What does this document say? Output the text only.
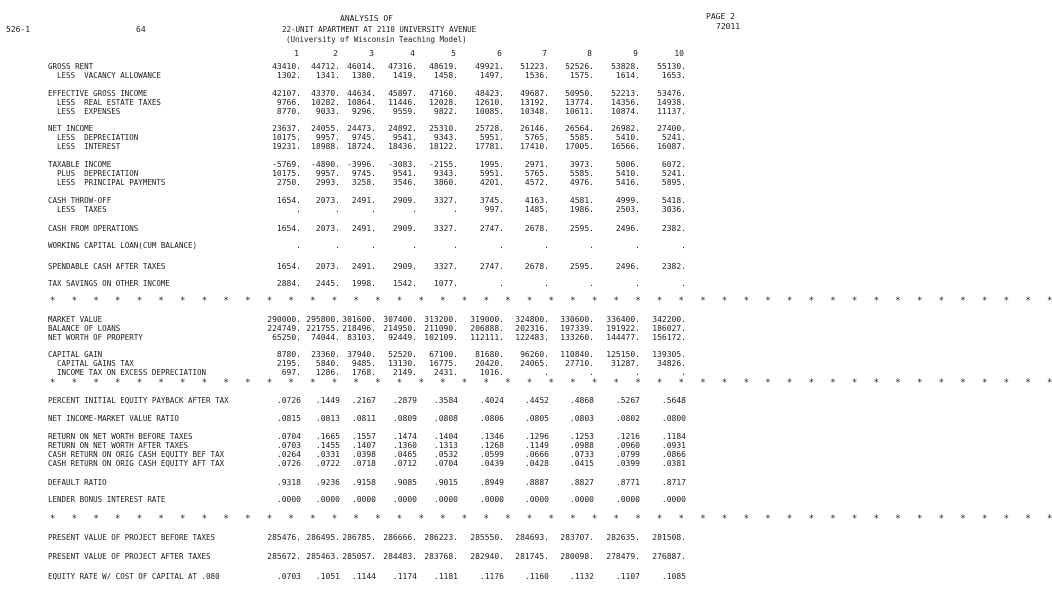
526-1	64
ANALYSIS OF
22-UNIT APARTMENT AT 2110 UNIVERSITY AVENUE
(University of Wisconsin Teaching Model)
PAGE 2
72011
1	2	3	4	5	6	7	8	9	10
GROSS RENT	43410.	44712. 46014.	47316.	48619.	49921.	51223.	52526.	53828.	55130.
LESS  VACANCY ALLOWANCE	1302.	1341.	1380.	1419.	1458.	1497.	1536.	1575.	1614.	1653.
EFFECTIVE GROSS INCOME	42107.	43370. 44634.	45897.	47160.	48423.	49687.	50950.	52213.	53476.
LESS  REAL ESTATE TAXES	9766.	10282. 10864.	11446.	12028.	12610.	13192.	13774.	14356.	14938.
LESS  EXPENSES	8770.	9033.	9296.	9559.	9822.	10085.	10348.	10611.	10874.	11137.
NET INCOME	23637.	24055. 24473.	24892.	25310.	25728.	26146.	26564.	26982.	27400.
LESS  DEPRECIATION	10175.	9957.	9745.	9541.	9343.	5951.	5765.	5585.	5410.	5241.
LESS  INTEREST	19231.	18988. 18724.	18436.	18122.	17781.	17410.	17005.	16566.	16087.
TAXABLE INCOME	-5769.	-4890. -3996.	-3083.	-2155.	1995.	2971.	3973.	5006.	6072.
PLUS  DEPRECIATION	10175.	9957.	9745.	9541.	9343.	5951.	5765.	5585.	5410.	5241.
LESS  PRINCIPAL PAYMENTS	2750.	2993.	3258.	3546.	3860.	4201.	4572.	4976.	5416.	5895.
CASH THROW-OFF	1654.	2073.	2491.	2909.	3327.	3745.	4163.	4581.	4999.	5418.
LESS  TAXES	.	.	.	.	.	997.	1485.	1986.	2503.	3036.
CASH FROM OPERATIONS	1654.	2073.	2491.	2909.	3327.	2747.	2678.	2595.	2496.	2382.
WORKING CAPITAL LOAN(CUM BALANCE)	.	.	.	.	.	.	.	.	.	.
SPENDABLE CASH AFTER TAXES	1654.	2073.	2491.	2909.	3327.	2747.	2678.	2595.	2496.	2382.
TAX SAVINGS ON OTHER INCOME	2884.	2445.	1998.	1542.	1077.	.	.	.	.	.
*   *   *   *   *   *   *   *   *   *   *   *   *   *   *   *   *   *   *   *   *   *   *   *   *   *   *   *   *   *   *   *   *   *   *   *   *   *   *   *   *   *   *   *   *   *   *
MARKET VALUE	290000. 295800. 301600. 307400. 313200.	319000.	324800.	330600.	336400.	342200.
BALANCE OF LOANS	224749. 221755. 218496. 214950. 211090.	206888.	202316.	197339.	191922.	186027.
NET WORTH OF PROPERTY	65250.	74044. 83103.	92449. 102109.	112111.	122483.	133260.	144477.	156172.
CAPITAL GAIN	8780.	23360. 37940.	52520.	67100.	81680.	96260.	110840.	125150.	139305.
CAPITAL GAINS TAX	2195.	5840.	9485.	13130.	16775.	20420.	24065.	27710.	31287.	34826.
INCOME TAX ON EXCESS DEPRECIATION	697.	1286.	1768.	2149.	2431.	1016.	.	.	.	.
*   *   *   *   *   *   *   *   *   *   *   *   *   *   *   *   *   *   *   *   *   *   *   *   *   *   *   *   *   *   *   *   *   *   *   *   *   *   *   *   *   *   *   *   *   *   *
PERCENT INITIAL EQUITY PAYBACK AFTER TAX	.0726	.1449	.2167	.2879	.3584	.4024	.4452	.4868	.5267	.5648
NET INCOME-MARKET VALUE RATIO	.0815	.0813	.0811	.0809	.0808	.0806	.0805	.0803	.0802	.0800
RETURN ON NET WORTH BEFORE TAXES	.0704	.1665	.1557	.1474	.1404	.1346	.1296	.1253	.1216	.1184
RETURN ON NET WORTH AFTER TAXES	.0703	.1455	.1407	.1360	.1313	.1268	.1149	.0988	.0960	.0931
CASH RETURN ON ORIG CASH EQUITY BEF TAX	.0264	.0331	.0398	.0465	.0532	.0599	.0666	.0733	.0799	.0866
CASH RETURN ON ORIG CASH EQUITY AFT TAX	.0726	.0722	.0718	.0712	.0704	.0439	.0428	.0415	.0399	.0381
DEFAULT RATIO	.9318	.9236	.9158	.9085	.9015	.8949	.8887	.8827	.8771	.8717
LENDER BONUS INTEREST RATE	.0000	.0000	.0000	.0000	.0000	.0000	.0000	.0000	.0000	.0000
*   *   *   *   *   *   *   *   *   *   *   *   *   *   *   *   *   *   *   *   *   *   *   *   *   *   *   *   *   *   *   *   *   *   *   *   *   *   *   *   *   *   *   *   *   *   *
PRESENT VALUE OF PROJECT BEFORE TAXES	285476. 286495. 286785. 286666. 286223.	285550.	284693.	283707.	282635.	281508.
PRESENT VALUE OF PROJECT AFTER TAXES	285672. 285463. 285057. 284483. 283768.	282940.	281745.	280098.	278479.	276887.
EQUITY RATE W/ COST OF CAPITAL AT .080	.0703	.1051	.1144	.1174	.1181	.1176	.1160	.1132	.1107	.1085
